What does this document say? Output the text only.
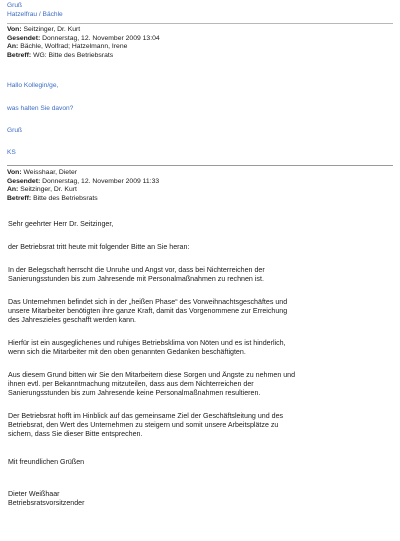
Gruß
Hatzelfrau / Bächle
Von: Seitzinger, Dr. Kurt
Gesendet: Donnerstag, 12. November 2009 13:04
An: Bächle, Wolfrad; Hatzelmann, Irene
Betreff: WG: Bitte des Betriebsrats
Hallo Kollegin/ge,
was halten Sie davon?
Gruß
KS
Von: Weisshaar, Dieter
Gesendet: Donnerstag, 12. November 2009 11:33
An: Seitzinger, Dr. Kurt
Betreff: Bitte des Betriebsrats
Sehr geehrter Herr Dr. Seitzinger,
der Betriebsrat tritt heute mit folgender Bitte an Sie heran:
In der Belegschaft herrscht die Unruhe und Angst vor, dass bei Nichterreichen der
Sanierungsstunden bis zum Jahresende mit Personalmaßnahmen zu rechnen ist.
Das Unternehmen befindet sich in der „heißen Phase“ des Vorweihnachtsgeschäftes und
unsere Mitarbeiter benötigten ihre ganze Kraft, damit das Vorgenommene zur Erreichung
des Jahreszieles geschafft werden kann.
Hierfür ist ein ausgeglichenes und ruhiges Betriebsklima von Nöten und es ist hinderlich,
wenn sich die Mitarbeiter mit den oben genannten Gedanken beschäftigten.
Aus diesem Grund bitten wir Sie den Mitarbeitern diese Sorgen und Ängste zu nehmen und
ihnen evtl. per Bekanntmachung mitzuteilen, dass aus dem Nichterreichen der
Sanierungsstunden bis zum Jahresende keine Personalmaßnahmen resultieren.
Der Betriebsrat hofft im Hinblick auf das gemeinsame Ziel der Geschäftsleitung und des
Betriebsrat, den Wert des Unternehmen zu steigern und somit unsere Arbeitsplätze zu
sichern, dass Sie dieser Bitte entsprechen.
Mit freundlichen Grüßen
Dieter Weißhaar
Betriebsratsvorsitzender
